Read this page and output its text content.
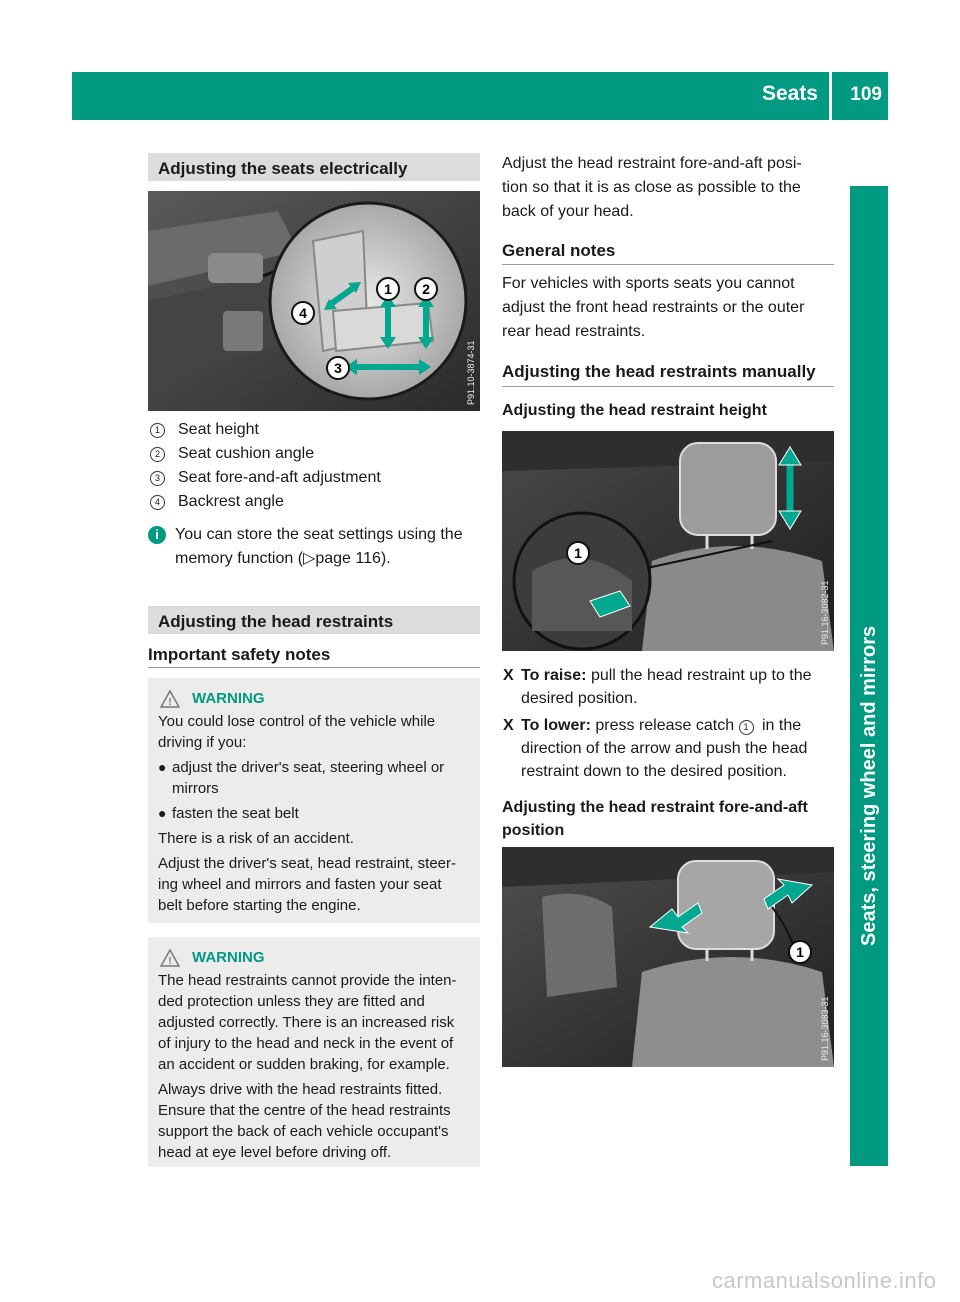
Seats 109
Seats, steering wheel and mirrors
Adjusting the seats electrically
1 2
3
4
P91.10-3874-31
1	Seat height
2	Seat cushion angle
3	Seat fore-and-aft adjustment
4	Backrest angle
i	You can store the seat settings using the
memory function (▷page 116).
Adjusting the head restraints
Important safety notes
! WARNING
You could lose control of the vehicle while
driving if you:
● adjust the driver's seat, steering wheel or
mirrors
● fasten the seat belt
There is a risk of an accident.
Adjust the driver's seat, head restraint, steer-
ing wheel and mirrors and fasten your seat
belt before starting the engine.
! WARNING
The head restraints cannot provide the inten-
ded protection unless they are fitted and
adjusted correctly. There is an increased risk
of injury to the head and neck in the event of
an accident or sudden braking, for example.
Always drive with the head restraints fitted.
Ensure that the centre of the head restraints
support the back of each vehicle occupant's
head at eye level before driving off.
Adjust the head restraint fore-and-aft posi-
tion so that it is as close as possible to the
back of your head.
General notes
For vehicles with sports seats you cannot
adjust the front head restraints or the outer
rear head restraints.
Adjusting the head restraints manually
Adjusting the head restraint height
1
P91.16-3082-31
X To raise: pull the head restraint up to the
desired position.
X To lower: press release catch 1 in the
direction of the arrow and push the head
restraint down to the desired position.
Adjusting the head restraint fore-and-aft
position
1
P91.16-3083-31
carmanualsonline.info
